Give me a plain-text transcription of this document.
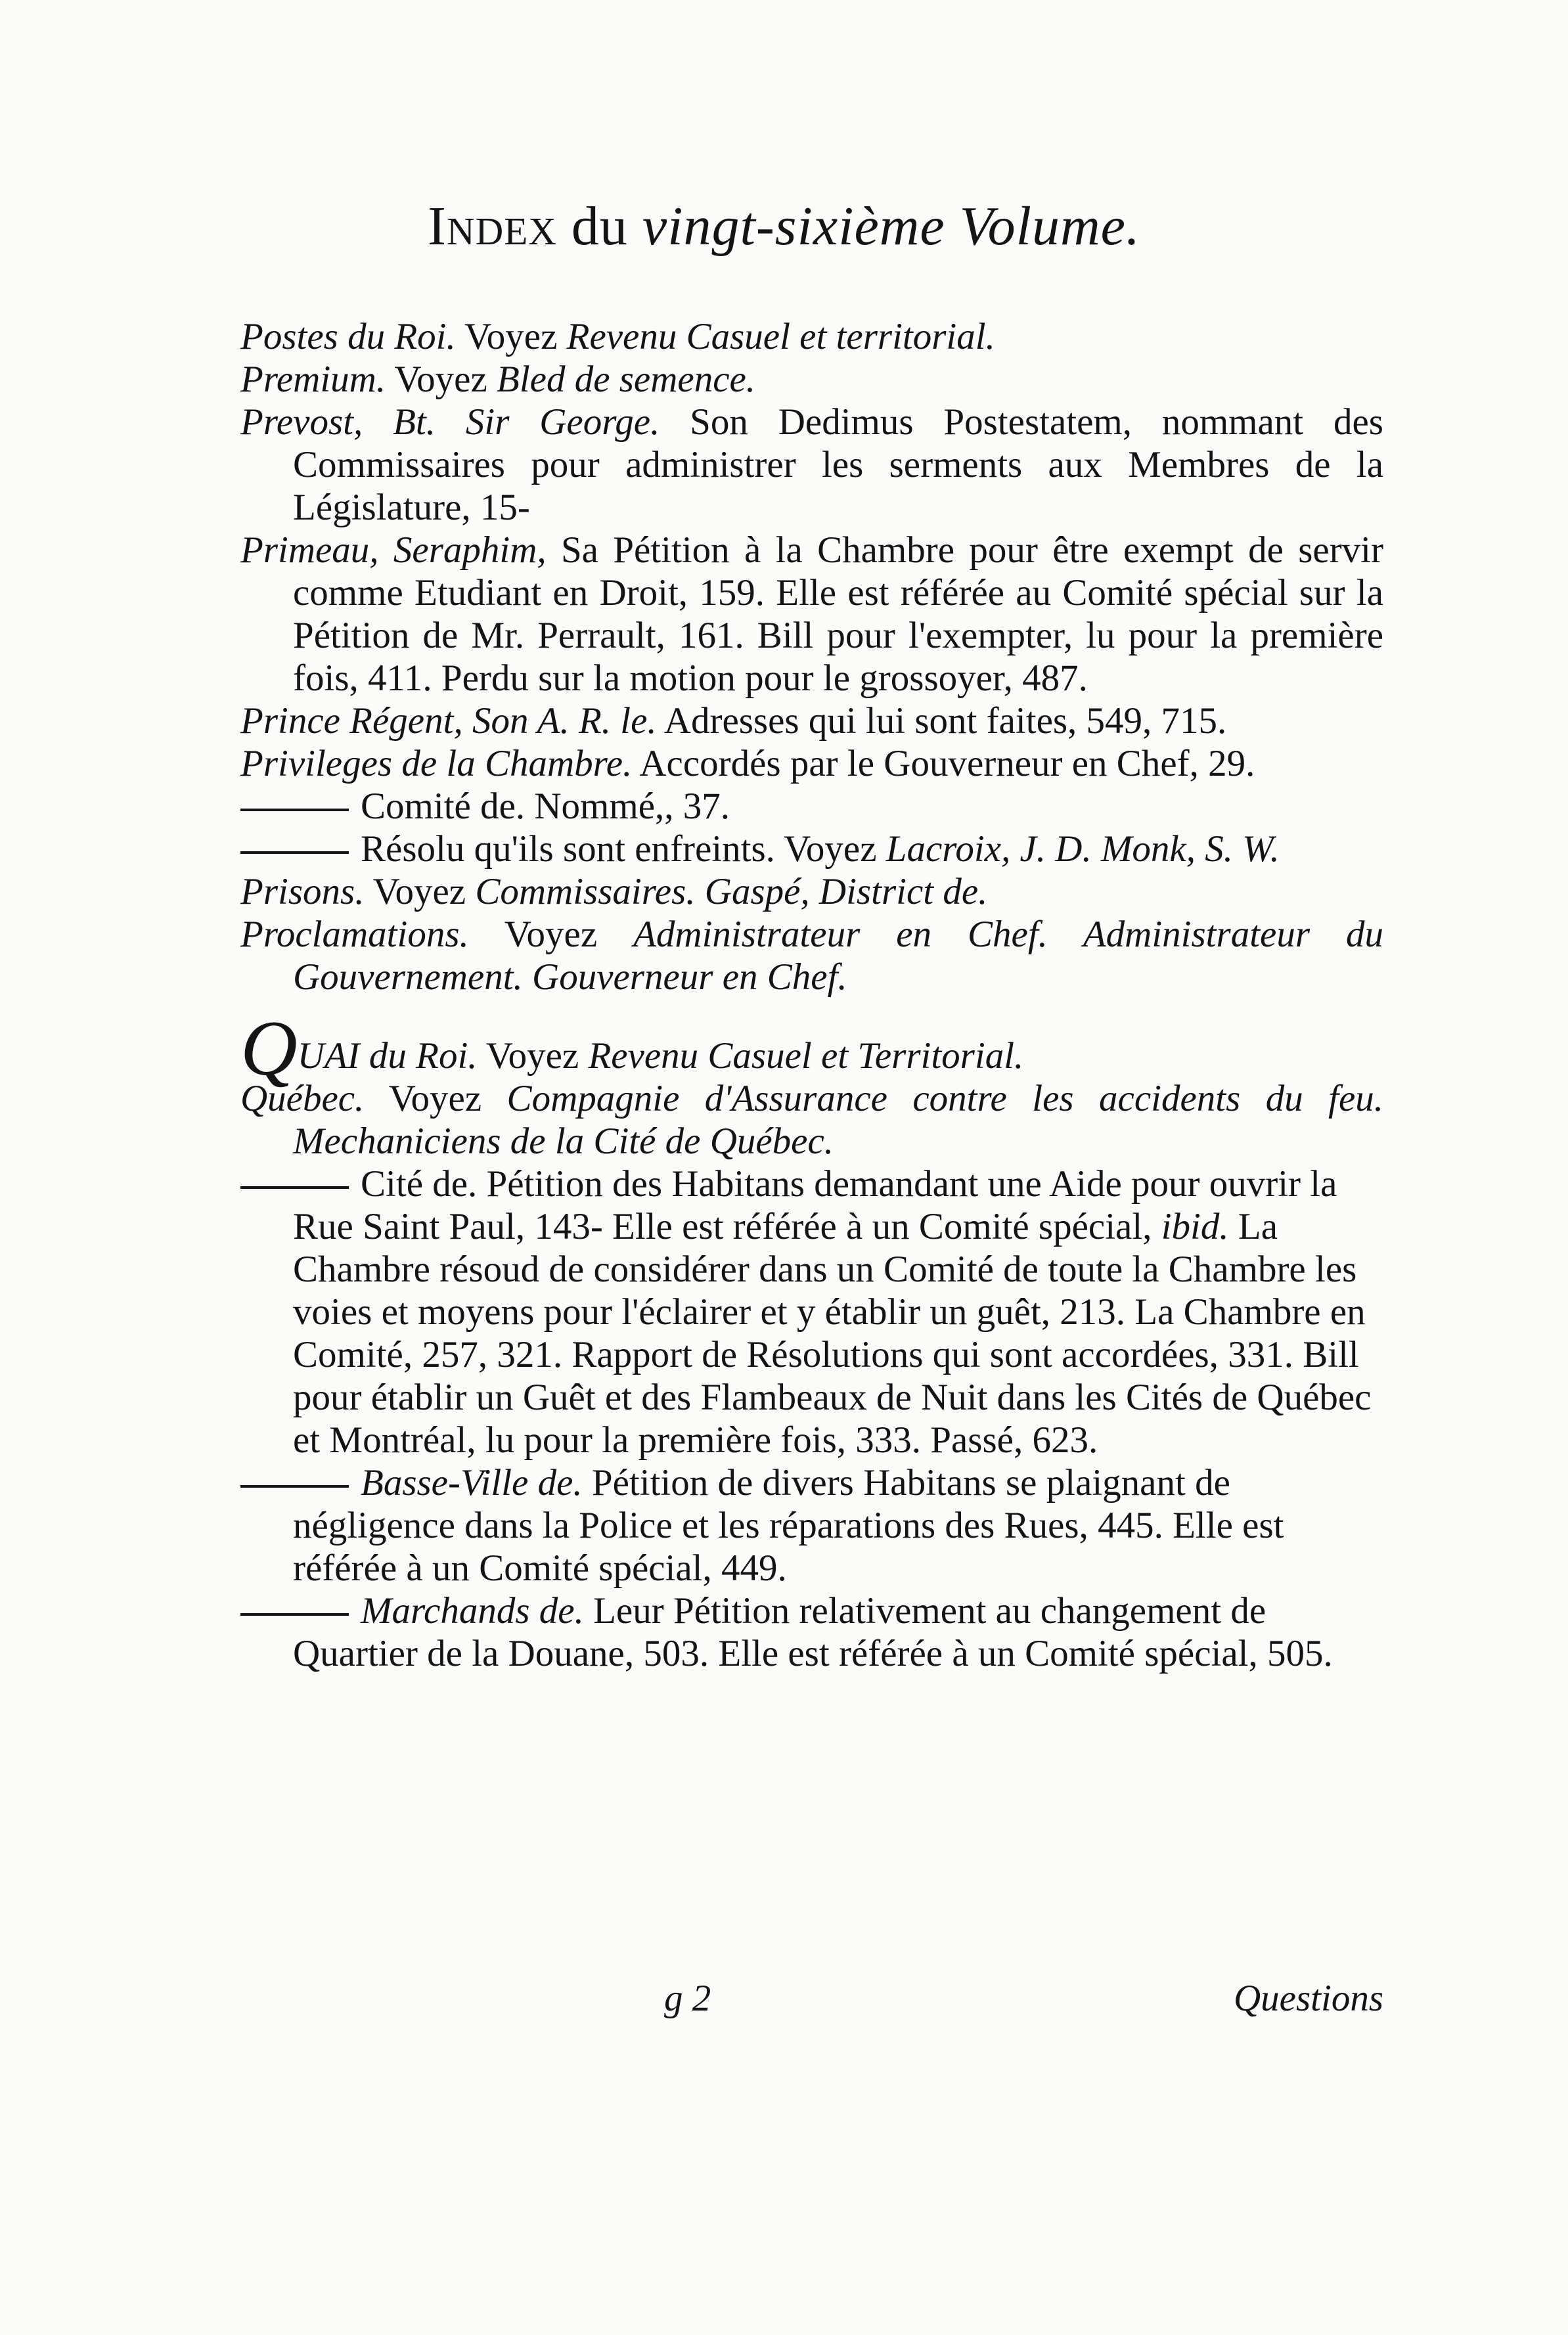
Index du vingt-sixième Volume.
Postes du Roi. Voyez Revenu Casuel et territorial.
Premium. Voyez Bled de semence.
Prevost, Bt. Sir George. Son Dedimus Postestatem, nommant des Commissaires pour administrer les serments aux Membres de la Législature, 15-
Primeau, Seraphim, Sa Pétition à la Chambre pour être exempt de servir comme Etudiant en Droit, 159. Elle est référée au Comité spécial sur la Pétition de Mr. Perrault, 161. Bill pour l'exempter, lu pour la première fois, 411. Perdu sur la motion pour le grossoyer, 487.
Prince Régent, Son A. R. le. Adresses qui lui sont faites, 549, 715.
Privileges de la Chambre. Accordés par le Gouverneur en Chef, 29.
Comité de. Nommé,, 37.
Résolu qu'ils sont enfreints. Voyez Lacroix, J. D. Monk, S. W.
Prisons. Voyez Commissaires. Gaspé, District de.
Proclamations. Voyez Administrateur en Chef. Administrateur du Gouvernement. Gouverneur en Chef.
QUAI du Roi. Voyez Revenu Casuel et Territorial.
Québec. Voyez Compagnie d'Assurance contre les accidents du feu. Mechaniciens de la Cité de Québec.
Cité de. Pétition des Habitans demandant une Aide pour ouvrir la Rue Saint Paul, 143- Elle est référée à un Comité spécial, ibid. La Chambre résoud de considérer dans un Comité de toute la Chambre les voies et moyens pour l'éclairer et y établir un guêt, 213. La Chambre en Comité, 257, 321. Rapport de Résolutions qui sont accordées, 331. Bill pour établir un Guêt et des Flambeaux de Nuit dans les Cités de Québec et Montréal, lu pour la première fois, 333. Passé, 623.
Basse-Ville de. Pétition de divers Habitans se plaignant de négligence dans la Police et les réparations des Rues, 445. Elle est référée à un Comité spécial, 449.
Marchands de. Leur Pétition relativement au changement de Quartier de la Douane, 503. Elle est référée à un Comité spécial, 505.
g 2	Questions
